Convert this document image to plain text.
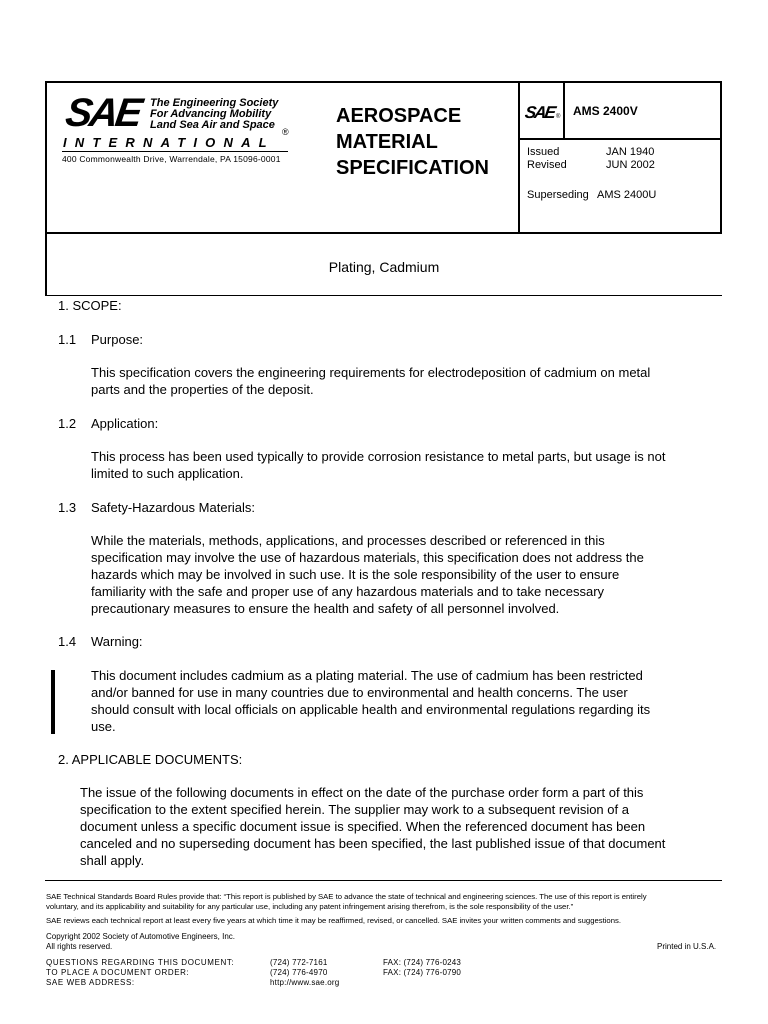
SAE The Engineering Society
For Advancing Mobility
Land Sea Air and Space
®
INTERNATIONAL
400 Commonwealth Drive, Warrendale, PA 15096-0001
AEROSPACE
MATERIAL
SPECIFICATION
SAE ® AMS 2400V
Issued	JAN 1940
Revised	JUN 2002
Superseding AMS 2400U
Plating, Cadmium
1. SCOPE:
1.1 Purpose:
This specification covers the engineering requirements for electrodeposition of cadmium on metal
parts and the properties of the deposit.
1.2 Application:
This process has been used typically to provide corrosion resistance to metal parts, but usage is not
limited to such application.
1.3 Safety-Hazardous Materials:
While the materials, methods, applications, and processes described or referenced in this
specification may involve the use of hazardous materials, this specification does not address the
hazards which may be involved in such use. It is the sole responsibility of the user to ensure
familiarity with the safe and proper use of any hazardous materials and to take necessary
precautionary measures to ensure the health and safety of all personnel involved.
1.4 Warning:
This document includes cadmium as a plating material. The use of cadmium has been restricted
and/or banned for use in many countries due to environmental and health concerns. The user
should consult with local officials on applicable health and environmental regulations regarding its
use.
2. APPLICABLE DOCUMENTS:
The issue of the following documents in effect on the date of the purchase order form a part of this
specification to the extent specified herein. The supplier may work to a subsequent revision of a
document unless a specific document issue is specified. When the referenced document has been
canceled and no superseding document has been specified, the last published issue of that document
shall apply.
SAE Technical Standards Board Rules provide that: “This report is published by SAE to advance the state of technical and engineering sciences. The use of this report is entirely
voluntary, and its applicability and suitability for any particular use, including any patent infringement arising therefrom, is the sole responsibility of the user.”
SAE reviews each technical report at least every five years at which time it may be reaffirmed, revised, or cancelled. SAE invites your written comments and suggestions.
Copyright 2002 Society of Automotive Engineers, Inc.
All rights reserved.	Printed in U.S.A.
QUESTIONS REGARDING THIS DOCUMENT:	(724) 772-7161	FAX: (724) 776-0243
TO PLACE A DOCUMENT ORDER:	(724) 776-4970	FAX: (724) 776-0790
SAE WEB ADDRESS:	http://www.sae.org
